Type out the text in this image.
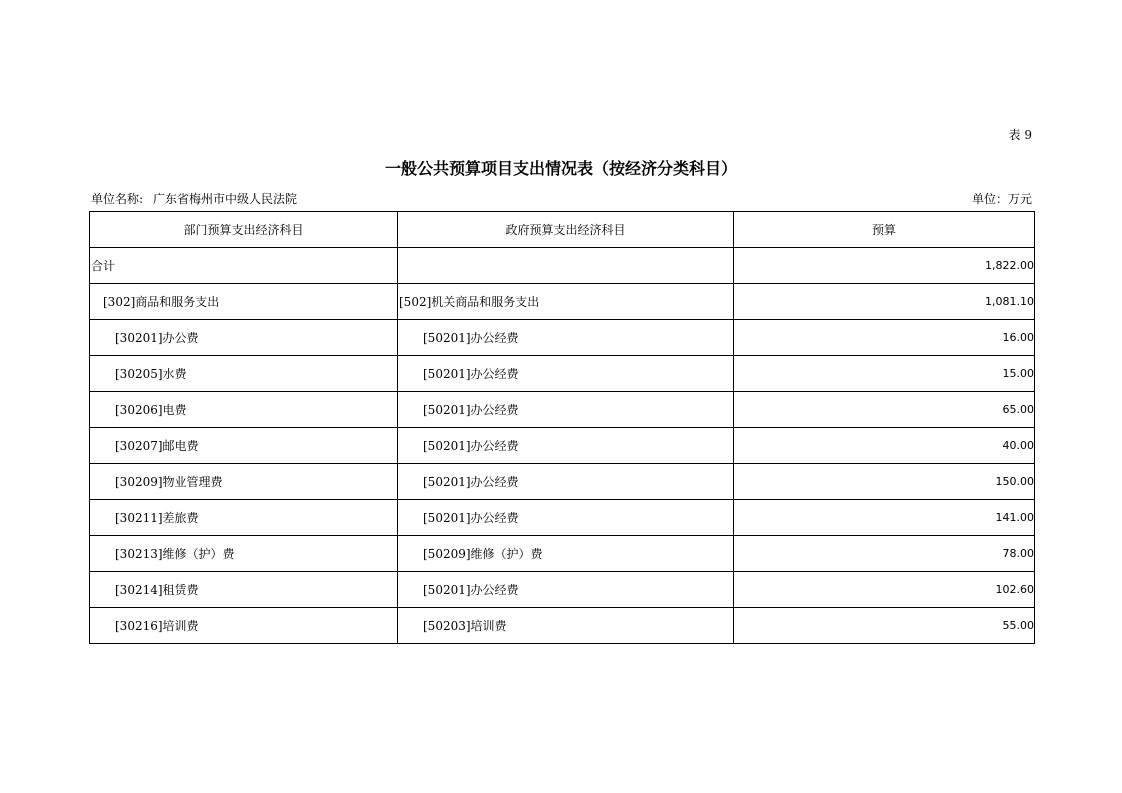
表 9
一般公共预算项目支出情况表（按经济分类科目）
单位名称: 广东省梅州市中级人民法院	单位：万元
部门预算支出经济科目	政府预算支出经济科目	预算
合计		1,822.00
[302]商品和服务支出	[502]机关商品和服务支出	1,081.10
[30201]办公费	[50201]办公经费	16.00
[30205]水费	[50201]办公经费	15.00
[30206]电费	[50201]办公经费	65.00
[30207]邮电费	[50201]办公经费	40.00
[30209]物业管理费	[50201]办公经费	150.00
[30211]差旅费	[50201]办公经费	141.00
[30213]维修（护）费	[50209]维修（护）费	78.00
[30214]租赁费	[50201]办公经费	102.60
[30216]培训费	[50203]培训费	55.00
